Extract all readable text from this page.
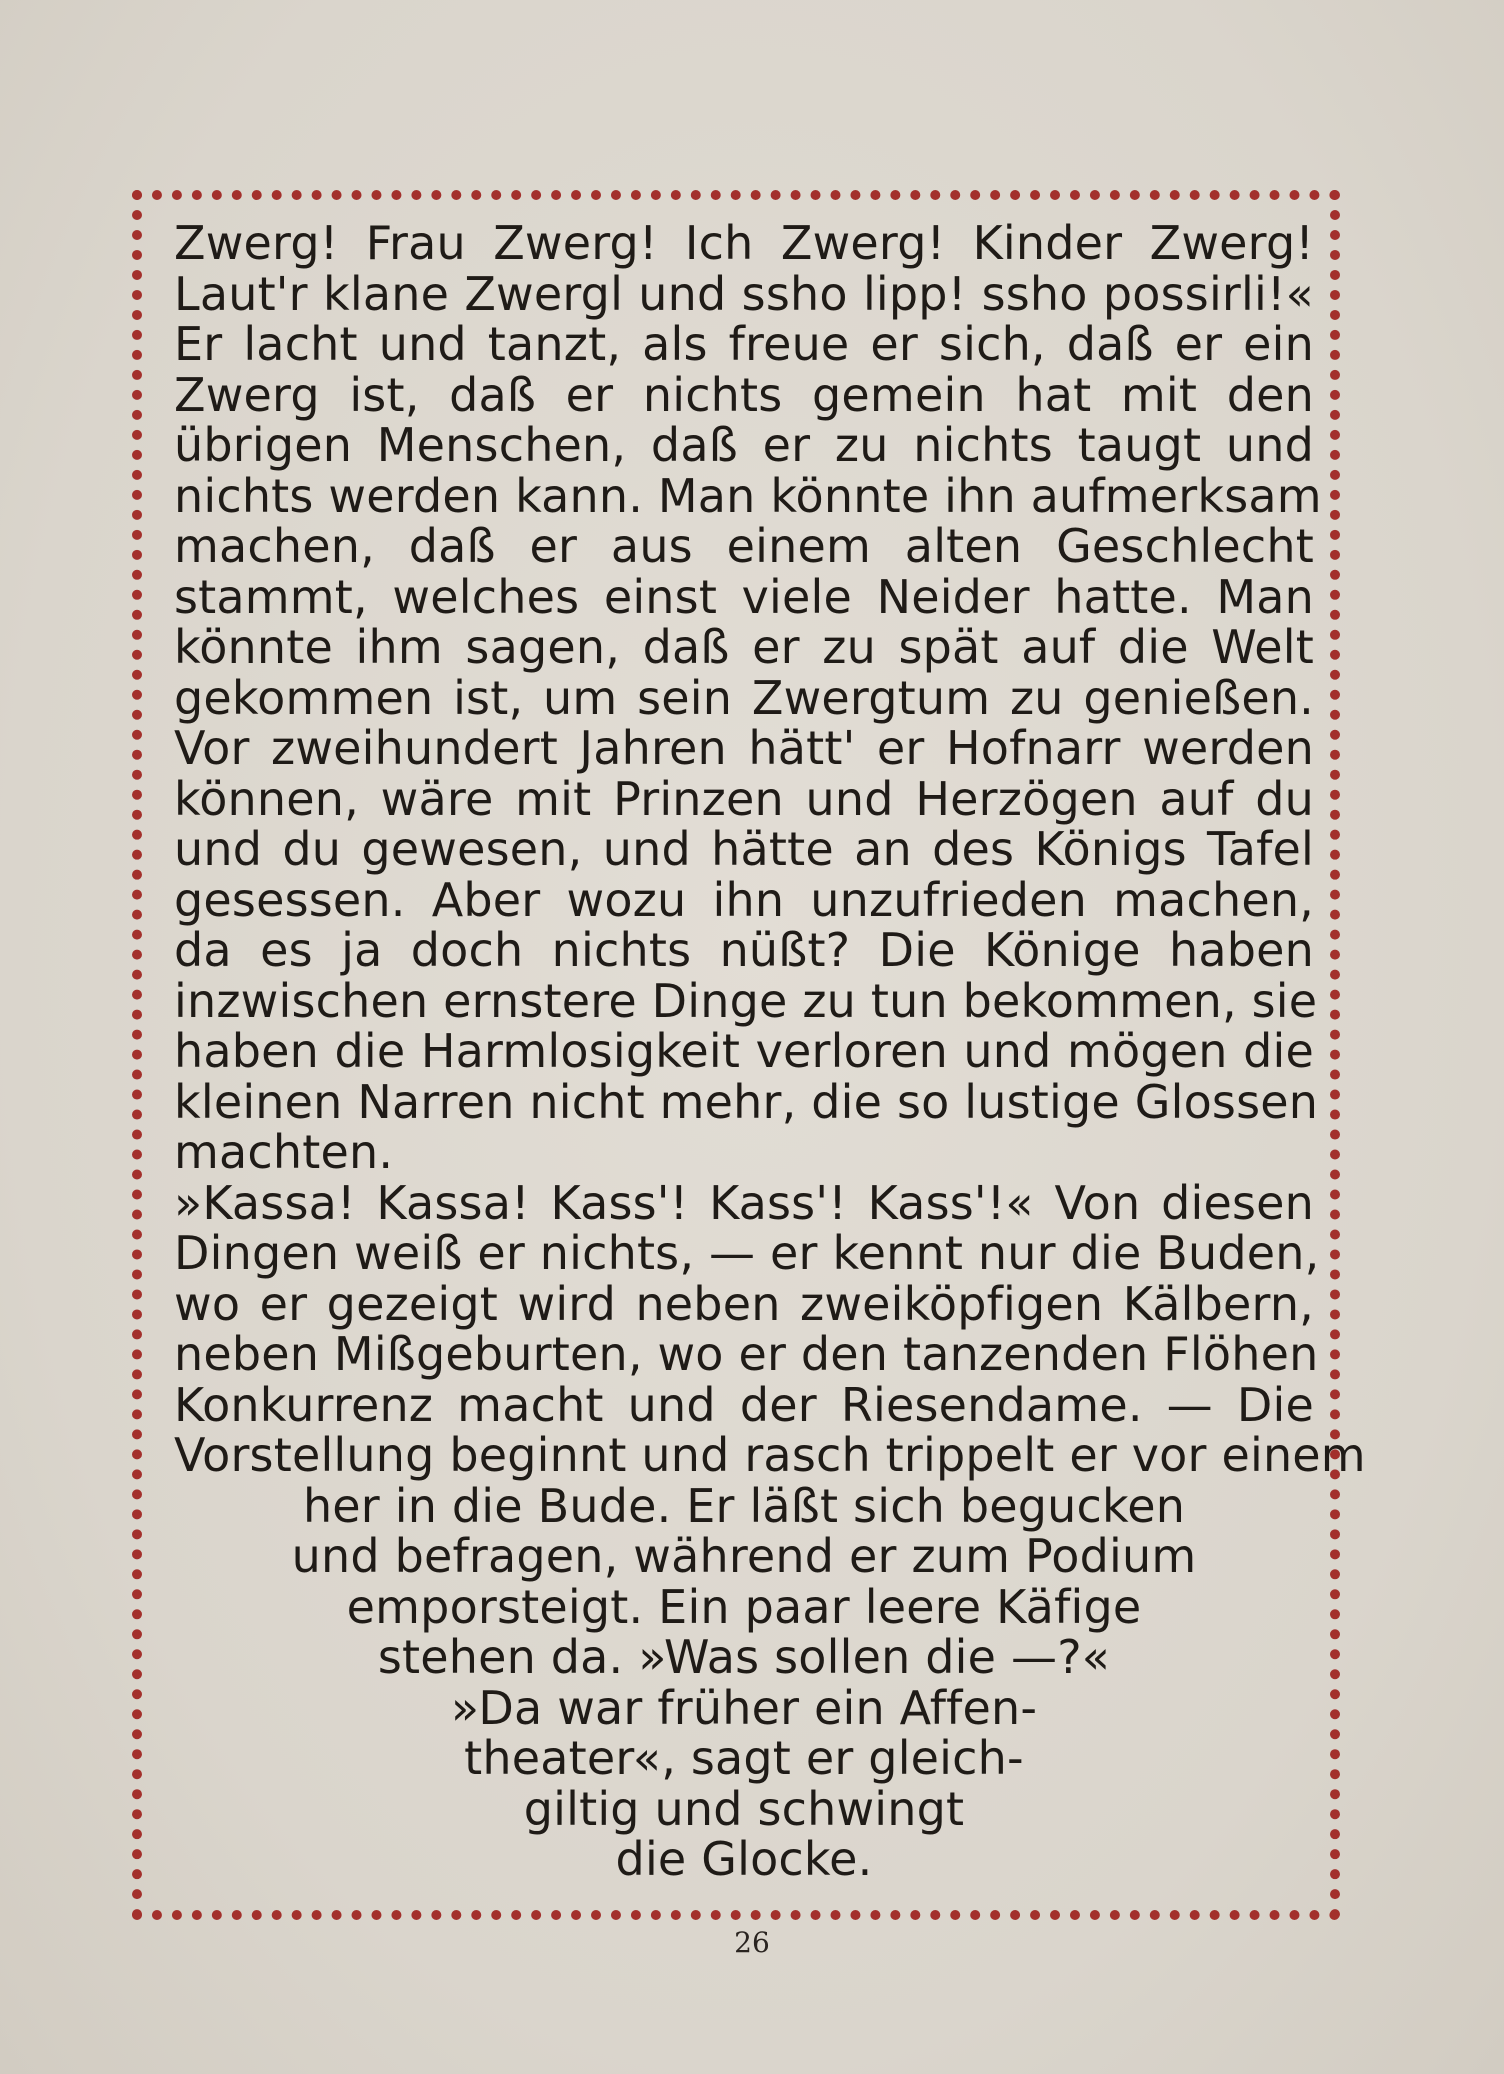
Zwerg! Frau Zwerg! Ich Zwerg! Kinder Zwerg!
Laut'r klane Zwergl und ssho lipp! ssho possirli!«
Er lacht und tanzt, als freue er sich, daß er ein
Zwerg ist, daß er nichts gemein hat mit den
übrigen Menschen, daß er zu nichts taugt und
nichts werden kann. Man könnte ihn aufmerksam
machen, daß er aus einem alten Geschlecht
stammt, welches einst viele Neider hatte. Man
könnte ihm sagen, daß er zu spät auf die Welt
gekommen ist, um sein Zwergtum zu genießen.
Vor zweihundert Jahren hätt' er Hofnarr werden
können, wäre mit Prinzen und Herzögen auf du
und du gewesen, und hätte an des Königs Tafel
gesessen. Aber wozu ihn unzufrieden machen,
da es ja doch nichts nüßt? Die Könige haben
inzwischen ernstere Dinge zu tun bekommen, sie
haben die Harmlosigkeit verloren und mögen die
kleinen Narren nicht mehr, die so lustige Glossen
machten.
»Kassa! Kassa! Kass'! Kass'! Kass'!« Von diesen
Dingen weiß er nichts, — er kennt nur die Buden,
wo er gezeigt wird neben zweiköpfigen Kälbern,
neben Mißgeburten, wo er den tanzenden Flöhen
Konkurrenz macht und der Riesendame. — Die
Vorstellung beginnt und rasch trippelt er vor einem
her in die Bude. Er läßt sich begucken
und befragen, während er zum Podium
emporsteigt. Ein paar leere Käfige
stehen da. »Was sollen die —?«
»Da war früher ein Affen-
theater«, sagt er gleich-
giltig und schwingt
die Glocke.
26
